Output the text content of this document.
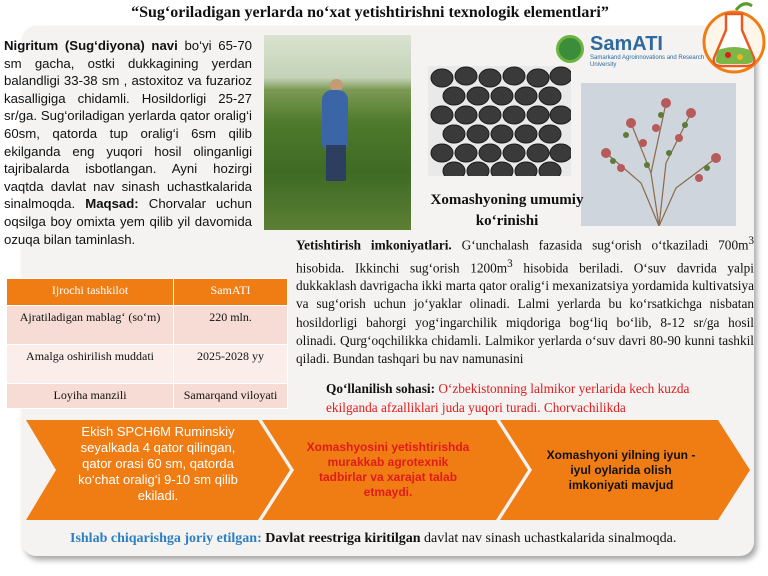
“Sug‘oriladigan yerlarda no‘xat yetishtirishni texnologik elementlari”
Nigritum (Sug‘diyona) navi bo‘yi 65-70 sm gacha, ostki dukkagining yerdan balandligi 33-38 sm , astoxitoz va fuzarioz kasalligiga chidamli. Hosildorligi 25-27 sr/ga. Sug‘oriladigan yerlarda qator oralig‘i 60sm, qatorda tup oralig‘i 6sm qilib ekilganda eng yuqori hosil olinganligi tajribalarda isbotlangan. Ayni hozirgi vaqtda davlat nav sinash uchastkalarida sinalmoqda. Maqsad: Chorvalar uchun oqsilga boy omixta yem qilib yil davomida ozuqa bilan taminlash.
Xomashyoning umumiy ko‘rinishi
SamATI
Samarkand Agroinnovations and Research University
Ijrochi tashkilot	SamATI
Ajratiladigan mablag‘ (so‘m)	220 mln.
Amalga oshirilish muddati	2025-2028 yy
Loyiha manzili	Samarqand viloyati
Yetishtirish imkoniyatlari. G‘unchalash fazasida sug‘orish o‘tkaziladi $700m^3$ hisobida. Ikkinchi sug‘orish $1200m^3$ hisobida beriladi. O‘suv davrida yalpi dukkaklash davrigacha ikki marta qator oralig‘i mexanizatsiya yordamida kultivatsiya va sug‘orish uchun jo‘yaklar olinadi. Lalmi yerlarda bu ko‘rsatkichga nisbatan hosildorligi bahorgi yog‘ingarchilik miqdoriga bog‘liq bo‘lib, 8-12 sr/ga hosil olinadi. Qurg‘oqchilikka chidamli. Lalmikor yerlarda o‘suv davri 80-90 kunni tashkil qiladi. Bundan tashqari bu nav namunasini
Qo‘llanilish sohasi: O‘zbekistonning lalmikor yerlarida kech kuzda ekilganda afzalliklari juda yuqori turadi. Chorvachilikda
Ekish SPCH6M Ruminskiy seyalkada 4 qator qilingan, qator orasi 60 sm, qatorda ko‘chat oralig‘i 9-10 sm qilib ekiladi.
Xomashyosini yetishtirishda murakkab agrotexnik tadbirlar va xarajat talab etmaydi.
Xomashyoni yilning iyun - iyul oylarida olish imkoniyati mavjud
Ishlab chiqarishga joriy etilgan: Davlat reestriga kiritilgan davlat nav sinash uchastkalarida sinalmoqda.
